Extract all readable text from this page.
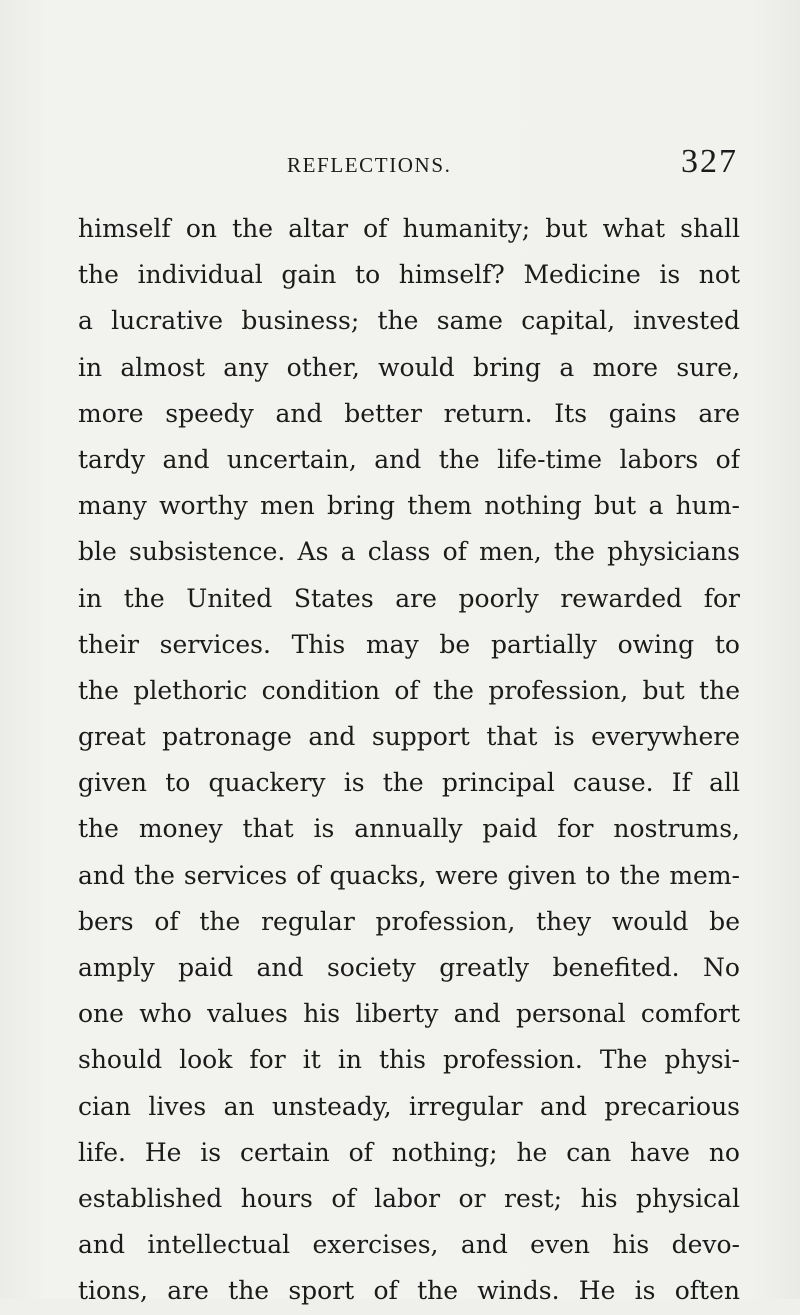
REFLECTIONS.	327
himself on the altar of humanity; but what shall
the individual gain to himself? Medicine is not
a lucrative business; the same capital, invested
in almost any other, would bring a more sure,
more speedy and better return. Its gains are
tardy and uncertain, and the life-time labors of
many worthy men bring them nothing but a hum-
ble subsistence. As a class of men, the physicians
in the United States are poorly rewarded for
their services. This may be partially owing to
the plethoric condition of the profession, but the
great patronage and support that is everywhere
given to quackery is the principal cause. If all
the money that is annually paid for nostrums,
and the services of quacks, were given to the mem-
bers of the regular profession, they would be
amply paid and society greatly benefited. No
one who values his liberty and personal comfort
should look for it in this profession. The physi-
cian lives an unsteady, irregular and precarious
life. He is certain of nothing; he can have no
established hours of labor or rest; his physical
and intellectual exercises, and even his devo-
tions, are the sport of the winds. He is often
